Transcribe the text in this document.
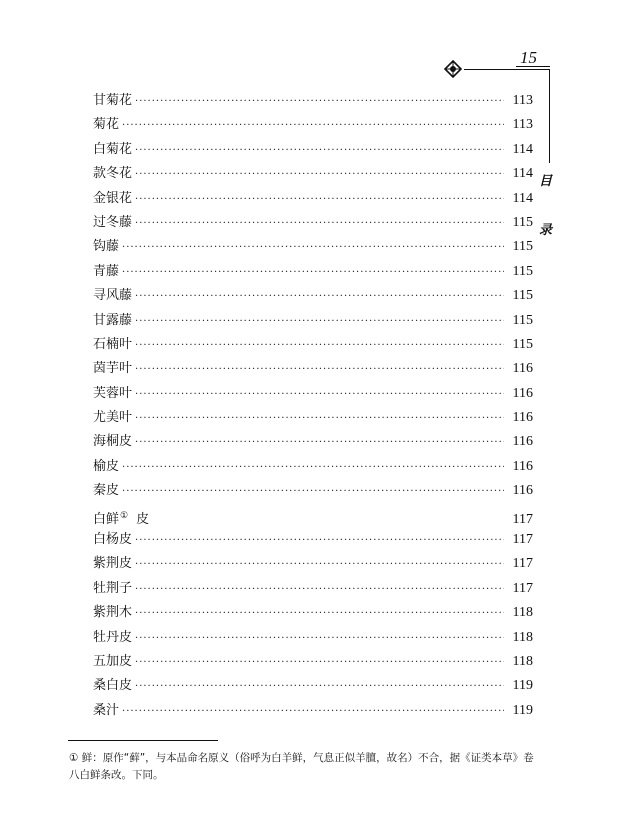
15
目
录
甘菊花 ·····	113
菊花 ·····	113
白菊花 ·····	114
款冬花 ·····	114
金银花 ·····	114
过冬藤 ·····	115
钩藤 ·····	115
青藤 ·····	115
寻风藤 ·····	115
甘露藤 ·····	115
石楠叶 ·····	115
茵芋叶 ·····	116
芙蓉叶 ·····	116
尤美叶 ·····	116
海桐皮 ·····	116
榆皮 ·····	116
秦皮 ·····	116
白鲜① 皮	117
白杨皮 ·····	117
紫荆皮 ·····	117
牡荆子 ·····	117
紫荆木 ·····	118
牡丹皮 ·····	118
五加皮 ·····	118
桑白皮 ·····	119
桑汁 ·····	119
① 鲜：原作“藓”，与本品命名原义（俗呼为白羊鲜，气息正似羊膻，故名）不合，据《证类本草》卷八白鲜条改。下同。
